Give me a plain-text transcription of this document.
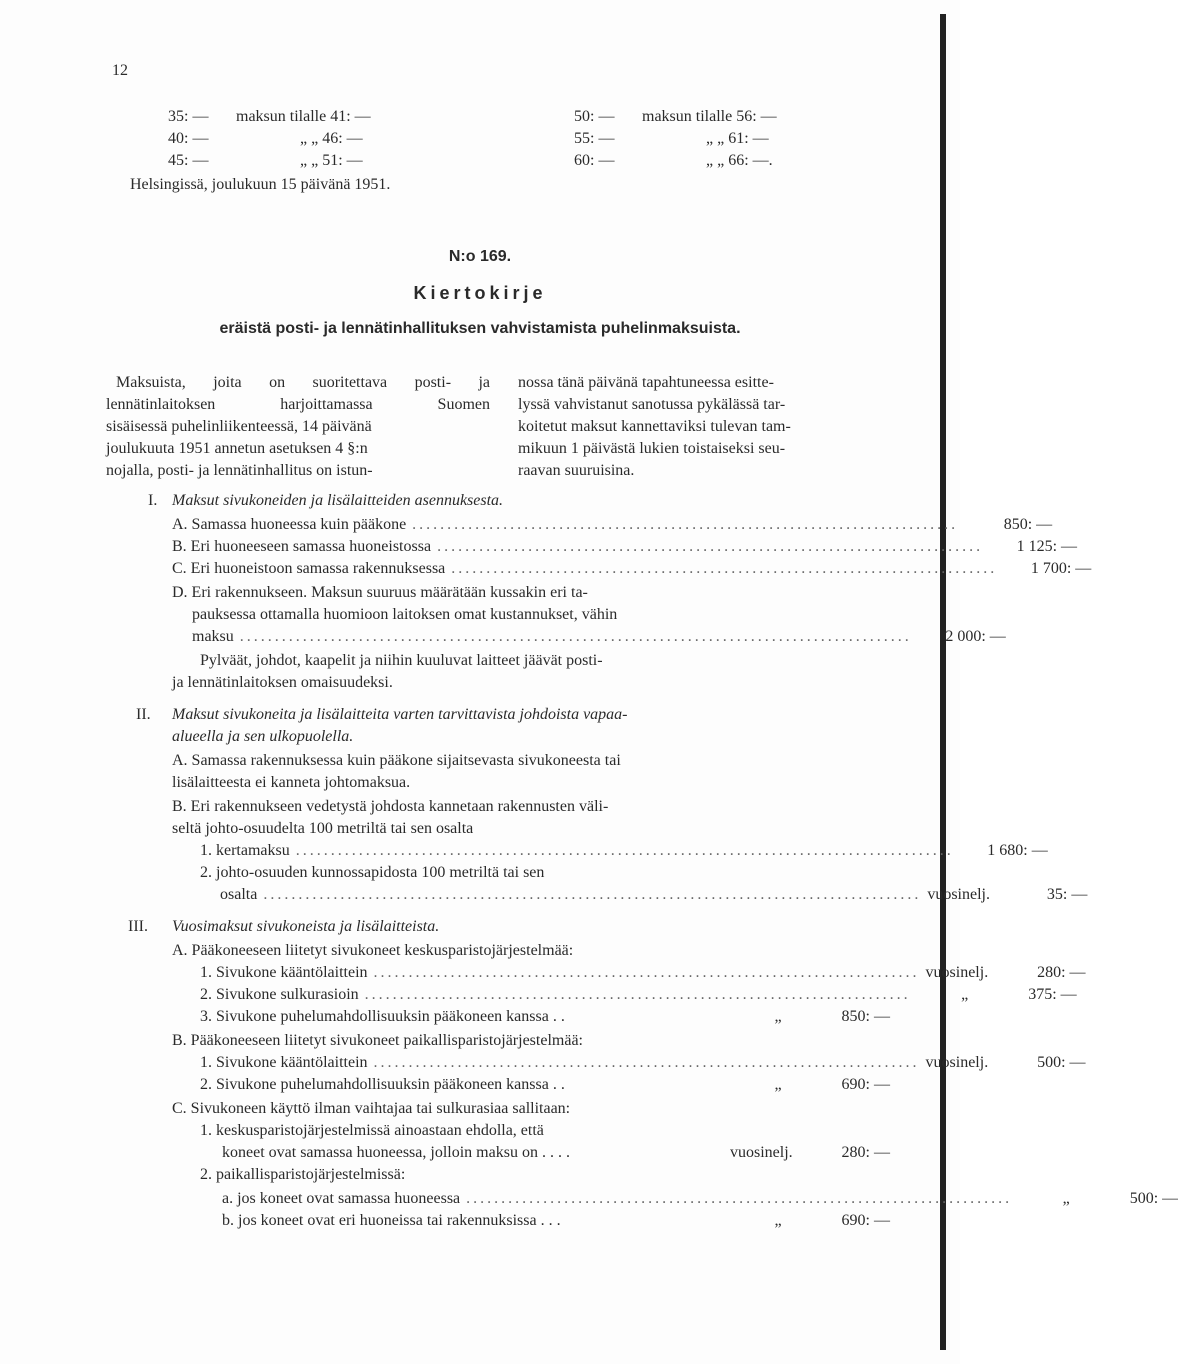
12
35: — maksun tilalle 41: —
40: —	„ „ 46: —
45: —	„ „ 51: —
50: — maksun tilalle 56: —
55: —	„ „ 61: —
60: —	„ „ 66: —.
Helsingissä, joulukuun 15 päivänä 1951.
N:o 169.
Kiertokirje
eräistä posti- ja lennätinhallituksen vahvistamista puhelinmaksuista.
Maksuista, joita on suoritettava posti- ja
lennätinlaitoksen harjoittamassa Suomen
sisäisessä puhelinliikenteessä, 14 päivänä
joulukuuta 1951 annetun asetuksen 4 §:n
nojalla, posti- ja lennätinhallitus on istun-
nossa tänä päivänä tapahtuneessa esitte-
lyssä vahvistanut sanotussa pykälässä tar-
koitetut maksut kannettaviksi tulevan tam-
mikuun 1 päivästä lukien toistaiseksi seu-
raavan suuruisina.
I. Maksut sivukoneiden ja lisälaitteiden asennuksesta.
A. Samassa huoneessa kuin pääkone ..............................................................................	850: —
B. Eri huoneeseen samassa huoneistossa ..............................................................................	1 125: —
C. Eri huoneistoon samassa rakennuksessa ..............................................................................	1 700: —
D. Eri rakennukseen. Maksun suuruus määrätään kussakin eri ta-
pauksessa ottamalla huomioon laitoksen omat kustannukset, vähin
maksu ................................................................................................	2 000: —
Pylväät, johdot, kaapelit ja niihin kuuluvat laitteet jäävät posti-
ja lennätinlaitoksen omaisuudeksi.
II. Maksut sivukoneita ja lisälaitteita varten tarvittavista johdoista vapaa-
alueella ja sen ulkopuolella.
A. Samassa rakennuksessa kuin pääkone sijaitsevasta sivukoneesta tai
lisälaitteesta ei kanneta johtomaksua.
B. Eri rakennukseen vedetystä johdosta kannetaan rakennusten väli-
seltä johto-osuudelta 100 metriltä tai sen osalta
1. kertamaksu ..............................................................................................	1 680: —
2. johto-osuuden kunnossapidosta 100 metriltä tai sen
osalta .............................................................................................. vuosinelj.	35: —
III. Vuosimaksut sivukoneista ja lisälaitteista.
A. Pääkoneeseen liitetyt sivukoneet keskusparistojärjestelmää:
1. Sivukone kääntölaittein .............................................................................. vuosinelj.	280: —
2. Sivukone sulkurasioin ..............................................................................	„	375: —
3. Sivukone puhelumahdollisuuksin pääkoneen kanssa . .	„	850: —
B. Pääkoneeseen liitetyt sivukoneet paikallisparistojärjestelmää:
1. Sivukone kääntölaittein .............................................................................. vuosinelj.	500: —
2. Sivukone puhelumahdollisuuksin pääkoneen kanssa . .	„	690: —
C. Sivukoneen käyttö ilman vaihtajaa tai sulkurasiaa sallitaan:
1. keskusparistojärjestelmissä ainoastaan ehdolla, että
koneet ovat samassa huoneessa, jolloin maksu on . . . .	vuosinelj.	280: —
2. paikallisparistojärjestelmissä:
a. jos koneet ovat samassa huoneessa ..............................................................................	„	500: —
b. jos koneet ovat eri huoneissa tai rakennuksissa . . .	„	690: —
